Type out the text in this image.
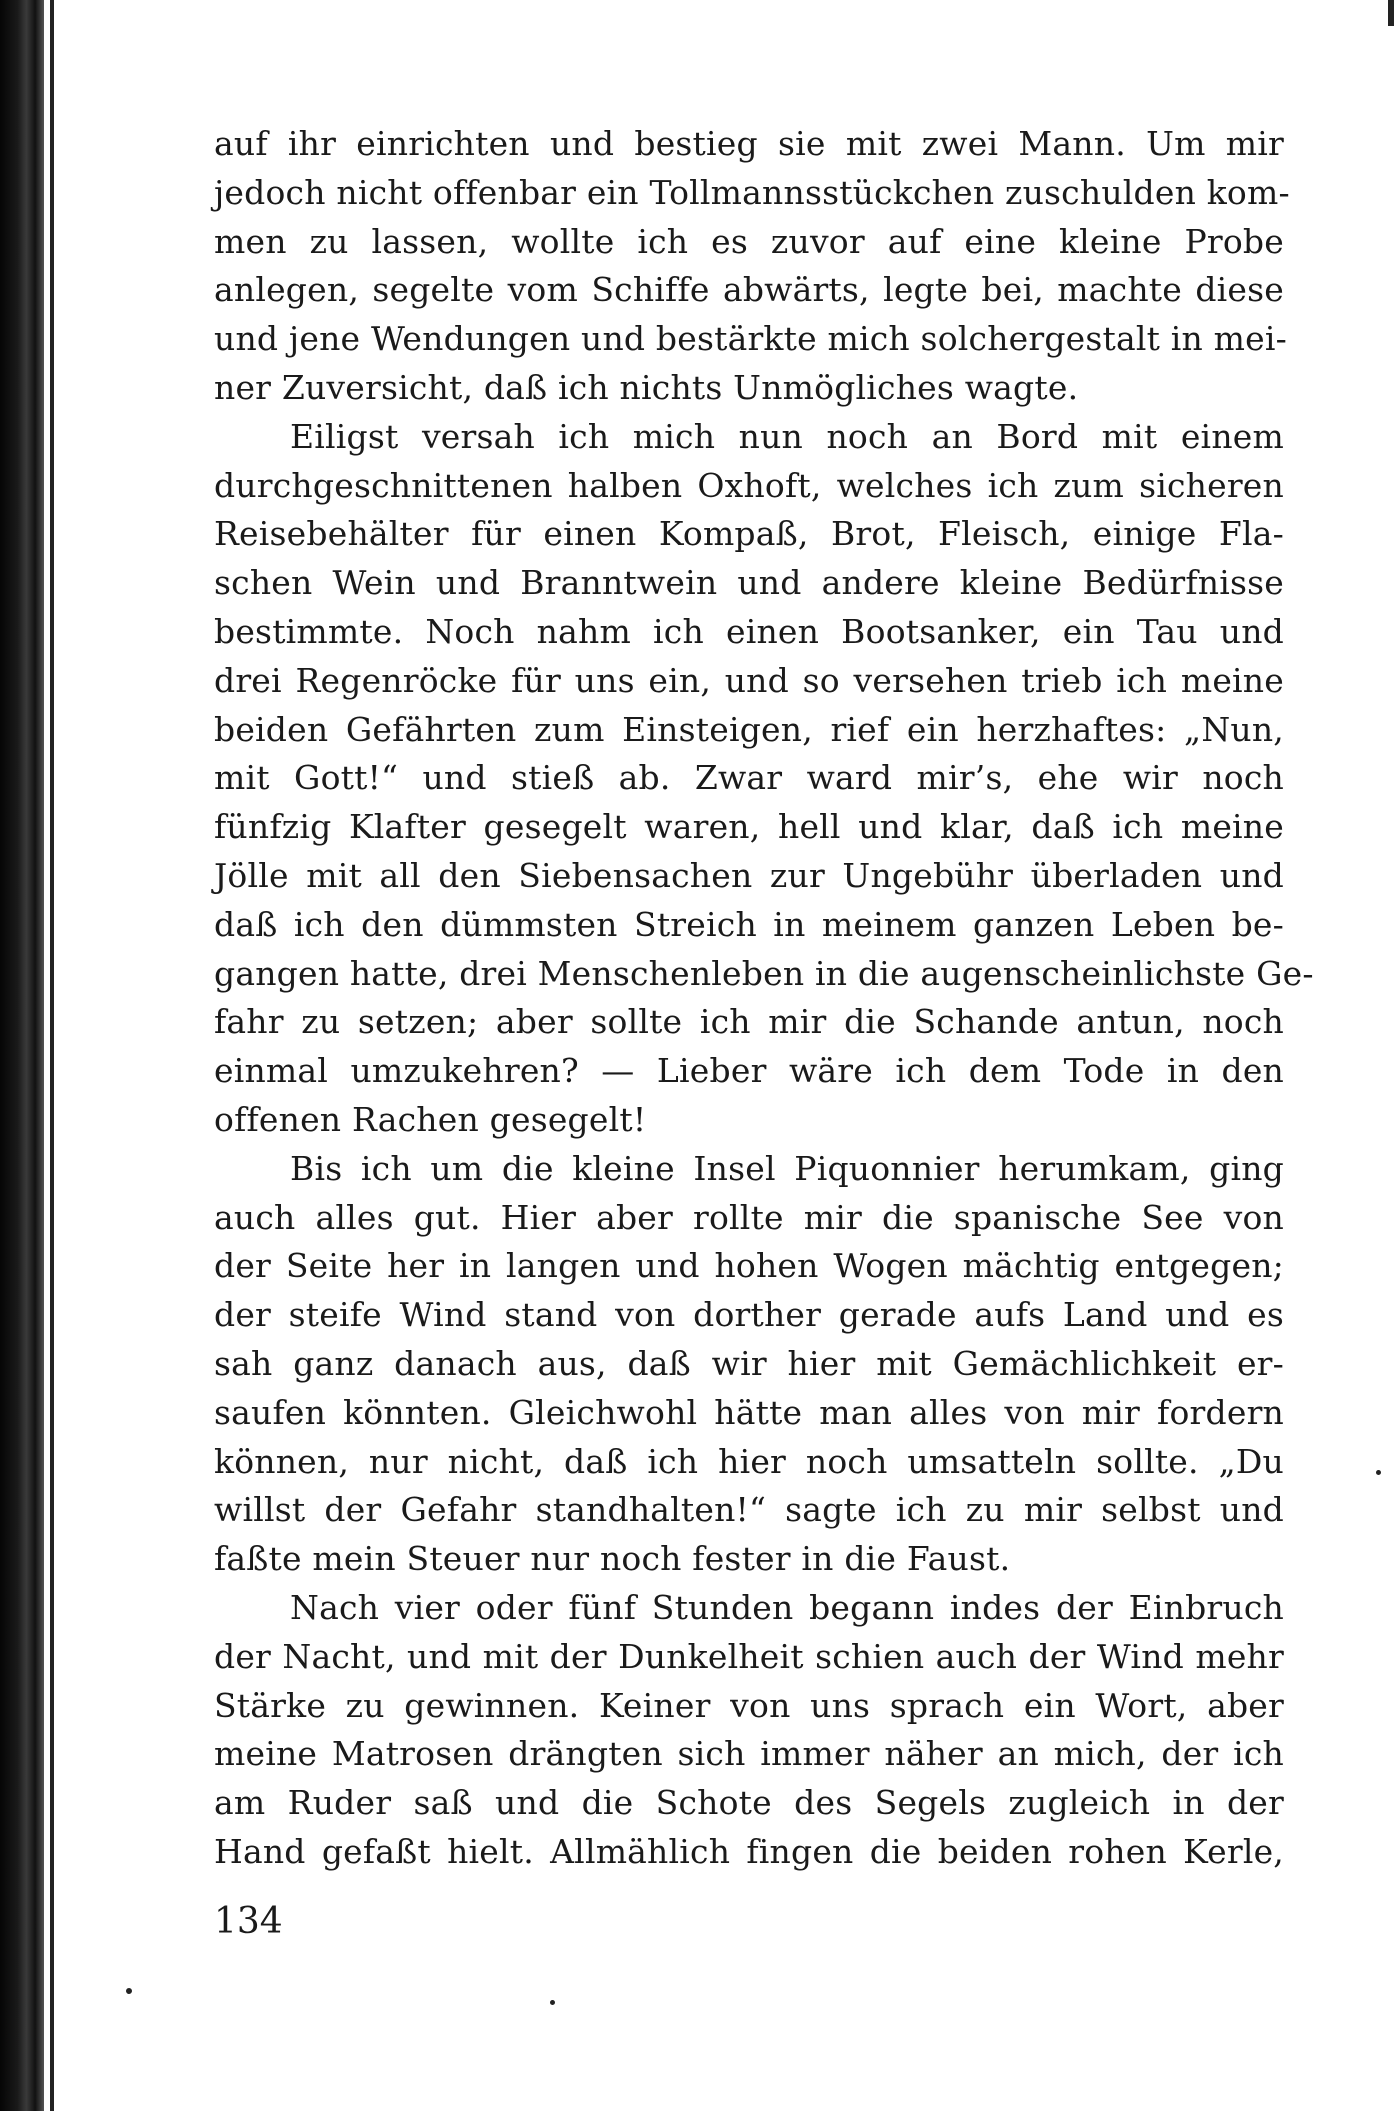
auf ihr einrichten und bestieg sie mit zwei Mann. Um mir
jedoch nicht offenbar ein Tollmannsstückchen zuschulden kom-
men zu lassen, wollte ich es zuvor auf eine kleine Probe
anlegen, segelte vom Schiffe abwärts, legte bei, machte diese
und jene Wendungen und bestärkte mich solchergestalt in mei-
ner Zuversicht, daß ich nichts Unmögliches wagte.
Eiligst versah ich mich nun noch an Bord mit einem
durchgeschnittenen halben Oxhoft, welches ich zum sicheren
Reisebehälter für einen Kompaß, Brot, Fleisch, einige Fla-
schen Wein und Branntwein und andere kleine Bedürfnisse
bestimmte. Noch nahm ich einen Bootsanker, ein Tau und
drei Regenröcke für uns ein, und so versehen trieb ich meine
beiden Gefährten zum Einsteigen, rief ein herzhaftes: „Nun,
mit Gott!“ und stieß ab. Zwar ward mir’s, ehe wir noch
fünfzig Klafter gesegelt waren, hell und klar, daß ich meine
Jölle mit all den Siebensachen zur Ungebühr überladen und
daß ich den dümmsten Streich in meinem ganzen Leben be-
gangen hatte, drei Menschenleben in die augenscheinlichste Ge-
fahr zu setzen; aber sollte ich mir die Schande antun, noch
einmal umzukehren? — Lieber wäre ich dem Tode in den
offenen Rachen gesegelt!
Bis ich um die kleine Insel Piquonnier herumkam, ging
auch alles gut. Hier aber rollte mir die spanische See von
der Seite her in langen und hohen Wogen mächtig entgegen;
der steife Wind stand von dorther gerade aufs Land und es
sah ganz danach aus, daß wir hier mit Gemächlichkeit er-
saufen könnten. Gleichwohl hätte man alles von mir fordern
können, nur nicht, daß ich hier noch umsatteln sollte. „Du
willst der Gefahr standhalten!“ sagte ich zu mir selbst und
faßte mein Steuer nur noch fester in die Faust.
Nach vier oder fünf Stunden begann indes der Einbruch
der Nacht, und mit der Dunkelheit schien auch der Wind mehr
Stärke zu gewinnen. Keiner von uns sprach ein Wort, aber
meine Matrosen drängten sich immer näher an mich, der ich
am Ruder saß und die Schote des Segels zugleich in der
Hand gefaßt hielt. Allmählich fingen die beiden rohen Kerle,
134
